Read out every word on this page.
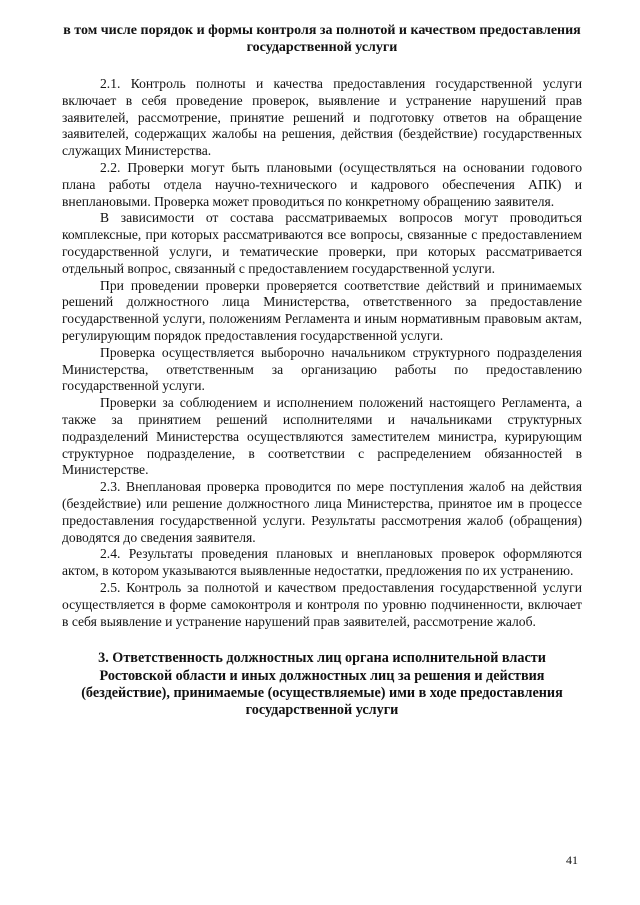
в том числе порядок и формы контроля за полнотой и качеством предоставления государственной услуги

2.1. Контроль полноты и качества предоставления государственной услуги включает в себя проведение проверок, выявление и устранение нарушений прав заявителей, рассмотрение, принятие решений и подготовку ответов на обращение заявителей, содержащих жалобы на решения, действия (бездействие) государственных служащих Министерства.

2.2. Проверки могут быть плановыми (осуществляться на основании годового плана работы отдела научно-технического и кадрового обеспечения АПК) и внеплановыми. Проверка может проводиться по конкретному обращению заявителя.

В зависимости от состава рассматриваемых вопросов могут проводиться комплексные, при которых рассматриваются все вопросы, связанные с предоставлением государственной услуги, и тематические проверки, при которых рассматривается отдельный вопрос, связанный с предоставлением государственной услуги.

При проведении проверки проверяется соответствие действий и принимаемых решений должностного лица Министерства, ответственного за предоставление государственной услуги, положениям Регламента и иным нормативным правовым актам, регулирующим порядок предоставления государственной услуги.

Проверка осуществляется выборочно начальником структурного подразделения Министерства, ответственным за организацию работы по предоставлению государственной услуги.

Проверки за соблюдением и исполнением положений настоящего Регламента, а также за принятием решений исполнителями и начальниками структурных подразделений Министерства осуществляются заместителем министра, курирующим структурное подразделение, в соответствии с распределением обязанностей в Министерстве.

2.3. Внеплановая проверка проводится по мере поступления жалоб на действия (бездействие) или решение должностного лица Министерства, принятое им в процессе предоставления государственной услуги. Результаты рассмотрения жалоб (обращения) доводятся до сведения заявителя.

2.4. Результаты проведения плановых и внеплановых проверок оформляются актом, в котором указываются выявленные недостатки, предложения по их устранению.

2.5. Контроль за полнотой и качеством предоставления государственной услуги осуществляется в форме самоконтроля и контроля по уровню подчиненности, включает в себя выявление и устранение нарушений прав заявителей, рассмотрение жалоб.

3. Ответственность должностных лиц органа исполнительной власти Ростовской области и иных должностных лиц за решения и действия (бездействие), принимаемые (осуществляемые) ими в ходе предоставления государственной услуги

41
